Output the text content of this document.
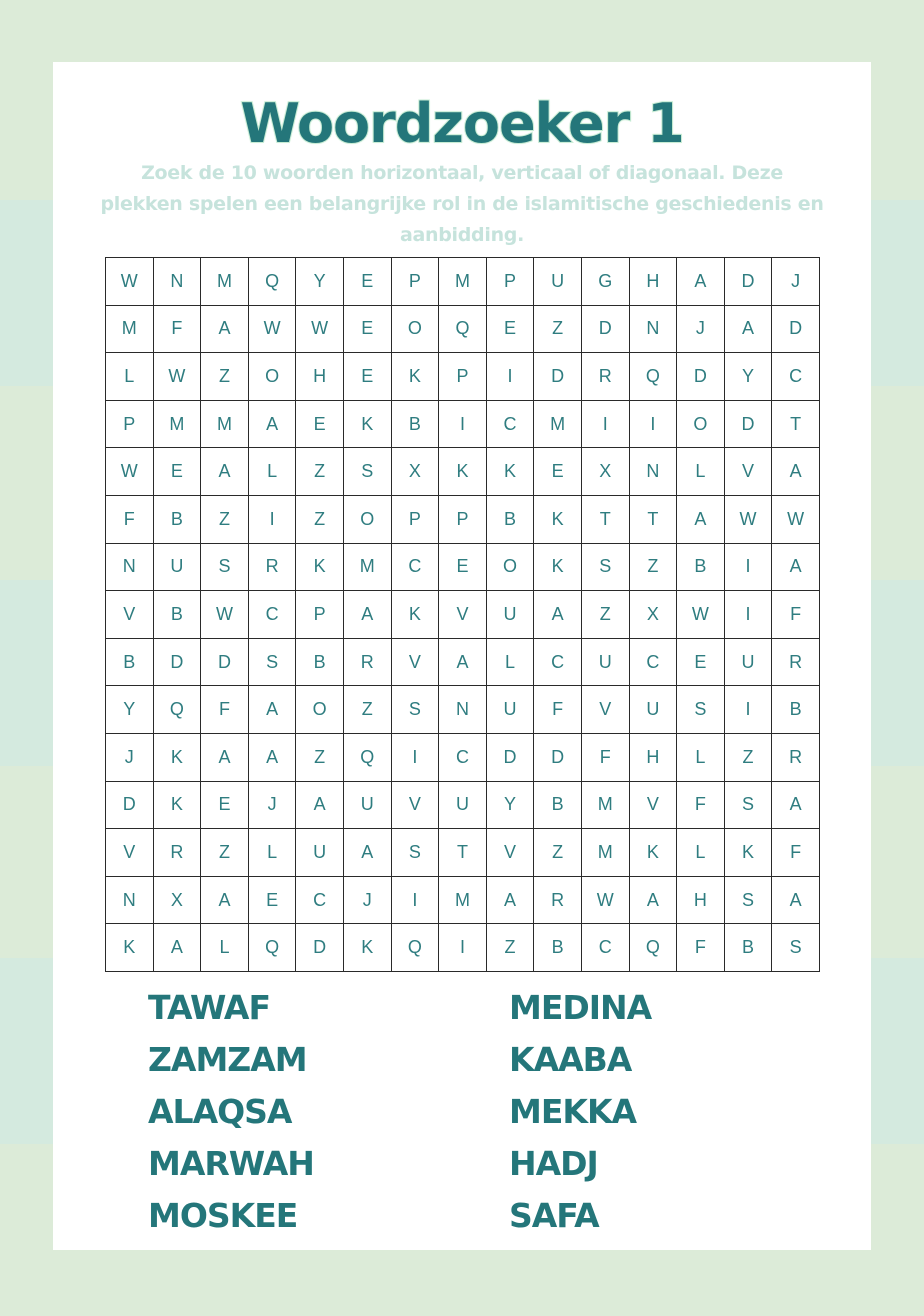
Woordzoeker 1
Zoek de 10 woorden horizontaal, verticaal of diagonaal. Deze plekken spelen een belangrijke rol in de islamitische geschiedenis en aanbidding.
W	N	M	Q	Y	E	P	M	P	U	G	H	A	D	J
M	F	A	W	W	E	O	Q	E	Z	D	N	J	A	D
L	W	Z	O	H	E	K	P	I	D	R	Q	D	Y	C
P	M	M	A	E	K	B	I	C	M	I	I	O	D	T
W	E	A	L	Z	S	X	K	K	E	X	N	L	V	A
F	B	Z	I	Z	O	P	P	B	K	T	T	A	W	W
N	U	S	R	K	M	C	E	O	K	S	Z	B	I	A
V	B	W	C	P	A	K	V	U	A	Z	X	W	I	F
B	D	D	S	B	R	V	A	L	C	U	C	E	U	R
Y	Q	F	A	O	Z	S	N	U	F	V	U	S	I	B
J	K	A	A	Z	Q	I	C	D	D	F	H	L	Z	R
D	K	E	J	A	U	V	U	Y	B	M	V	F	S	A
V	R	Z	L	U	A	S	T	V	Z	M	K	L	K	F
N	X	A	E	C	J	I	M	A	R	W	A	H	S	A
K	A	L	Q	D	K	Q	I	Z	B	C	Q	F	B	S
TAWAF
ZAMZAM
ALAQSA
MARWAH
MOSKEE
MEDINA
KAABA
MEKKA
HADJ
SAFA
